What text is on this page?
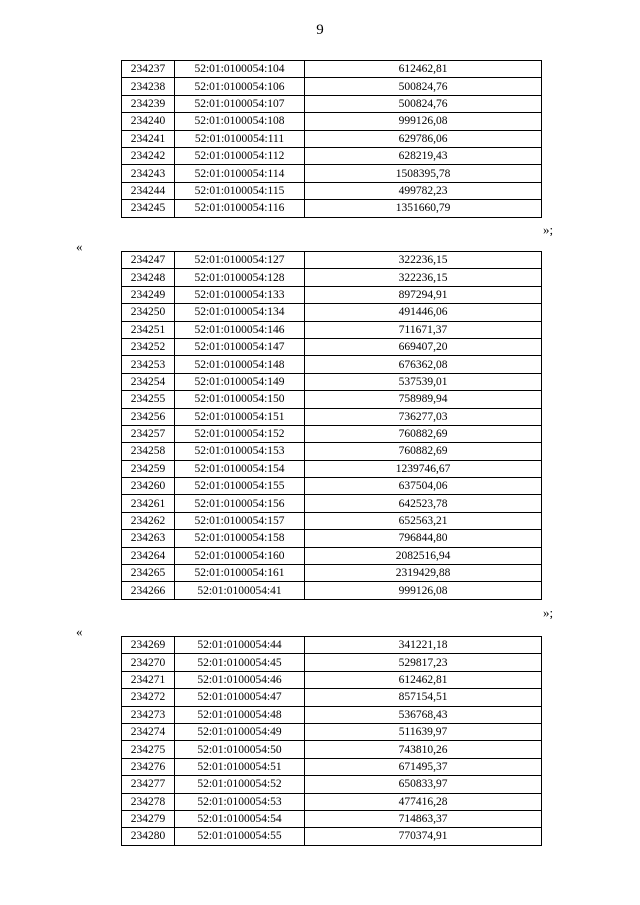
9
234237	52:01:0100054:104	612462,81
234238	52:01:0100054:106	500824,76
234239	52:01:0100054:107	500824,76
234240	52:01:0100054:108	999126,08
234241	52:01:0100054:111	629786,06
234242	52:01:0100054:112	628219,43
234243	52:01:0100054:114	1508395,78
234244	52:01:0100054:115	499782,23
234245	52:01:0100054:116	1351660,79
»;
«
234247	52:01:0100054:127	322236,15
234248	52:01:0100054:128	322236,15
234249	52:01:0100054:133	897294,91
234250	52:01:0100054:134	491446,06
234251	52:01:0100054:146	711671,37
234252	52:01:0100054:147	669407,20
234253	52:01:0100054:148	676362,08
234254	52:01:0100054:149	537539,01
234255	52:01:0100054:150	758989,94
234256	52:01:0100054:151	736277,03
234257	52:01:0100054:152	760882,69
234258	52:01:0100054:153	760882,69
234259	52:01:0100054:154	1239746,67
234260	52:01:0100054:155	637504,06
234261	52:01:0100054:156	642523,78
234262	52:01:0100054:157	652563,21
234263	52:01:0100054:158	796844,80
234264	52:01:0100054:160	2082516,94
234265	52:01:0100054:161	2319429,88
234266	52:01:0100054:41	999126,08
»;
«
234269	52:01:0100054:44	341221,18
234270	52:01:0100054:45	529817,23
234271	52:01:0100054:46	612462,81
234272	52:01:0100054:47	857154,51
234273	52:01:0100054:48	536768,43
234274	52:01:0100054:49	511639,97
234275	52:01:0100054:50	743810,26
234276	52:01:0100054:51	671495,37
234277	52:01:0100054:52	650833,97
234278	52:01:0100054:53	477416,28
234279	52:01:0100054:54	714863,37
234280	52:01:0100054:55	770374,91
